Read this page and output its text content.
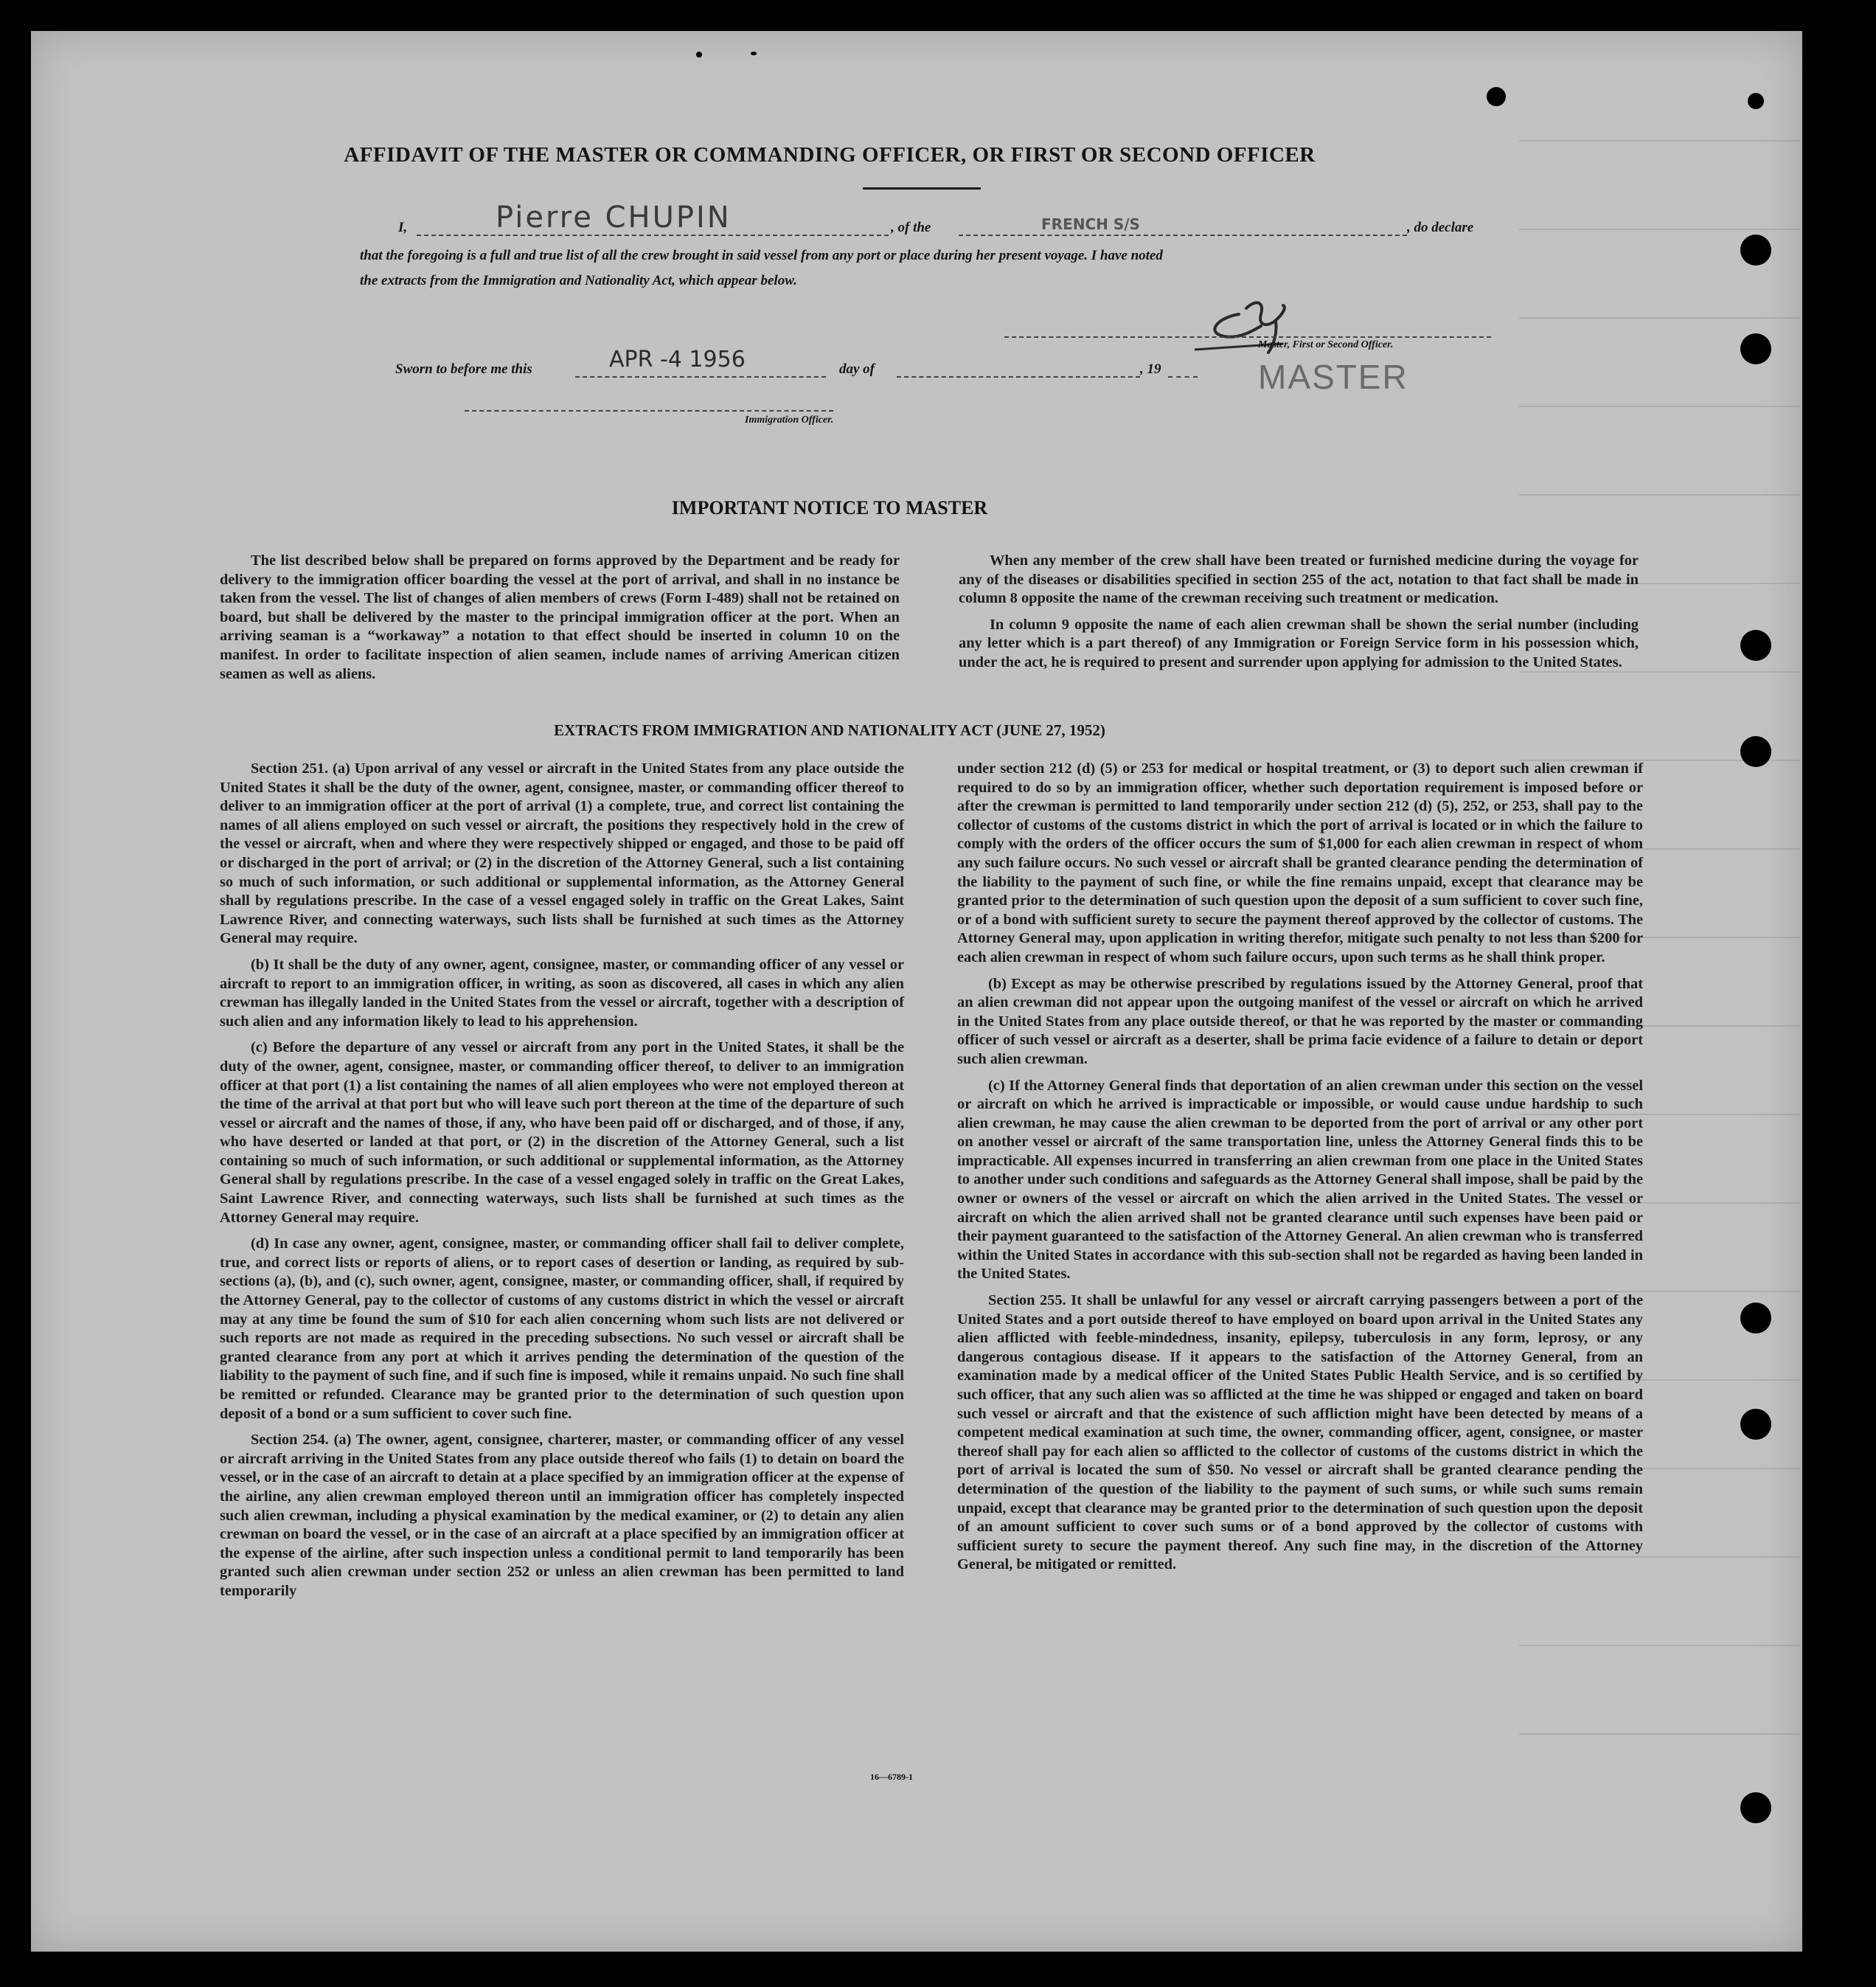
AFFIDAVIT OF THE MASTER OR COMMANDING OFFICER, OR FIRST OR SECOND OFFICER
I,	Pierre CHUPIN	, of the	FRENCH S/S	, do declare
that the foregoing is a full and true list of all the crew brought in said vessel from any port or place during her present voyage. I have noted
the extracts from the Immigration and Nationality Act, which appear below.
Master, First or Second Officer.
Sworn to before me this	APR -4 1956	day of	, 19	MASTER
Immigration Officer.
IMPORTANT NOTICE TO MASTER

The list described below shall be prepared on forms approved by the Department and be ready for delivery to the immigration officer boarding the vessel at the port of arrival, and shall in no instance be taken from the vessel. The list of changes of alien members of crews (Form I-489) shall not be retained on board, but shall be delivered by the master to the principal immigration officer at the port. When an arriving seaman is a “workaway” a notation to that effect should be inserted in column 10 on the manifest. In order to facilitate inspection of alien seamen, include names of arriving American citizen seamen as well as aliens.

When any member of the crew shall have been treated or furnished medicine during the voyage for any of the diseases or disabilities specified in section 255 of the act, notation to that fact shall be made in column 8 opposite the name of the crewman receiving such treatment or medication.

In column 9 opposite the name of each alien crewman shall be shown the serial number (including any letter which is a part thereof) of any Immigration or Foreign Service form in his possession which, under the act, he is required to present and surrender upon applying for admission to the United States.

EXTRACTS FROM IMMIGRATION AND NATIONALITY ACT (JUNE 27, 1952)

Section 251. (a) Upon arrival of any vessel or aircraft in the United States from any place outside the United States it shall be the duty of the owner, agent, consignee, master, or commanding officer thereof to deliver to an immigration officer at the port of arrival (1) a complete, true, and correct list containing the names of all aliens employed on such vessel or aircraft, the positions they respectively hold in the crew of the vessel or aircraft, when and where they were respectively shipped or engaged, and those to be paid off or discharged in the port of arrival; or (2) in the discretion of the Attorney General, such a list containing so much of such information, or such additional or supplemental information, as the Attorney General shall by regulations prescribe. In the case of a vessel engaged solely in traffic on the Great Lakes, Saint Lawrence River, and connecting waterways, such lists shall be furnished at such times as the Attorney General may require.

(b) It shall be the duty of any owner, agent, consignee, master, or commanding officer of any vessel or aircraft to report to an immigration officer, in writing, as soon as discovered, all cases in which any alien crewman has illegally landed in the United States from the vessel or aircraft, together with a description of such alien and any information likely to lead to his apprehension.

(c) Before the departure of any vessel or aircraft from any port in the United States, it shall be the duty of the owner, agent, consignee, master, or commanding officer thereof, to deliver to an immigration officer at that port (1) a list containing the names of all alien employees who were not employed thereon at the time of the arrival at that port but who will leave such port thereon at the time of the departure of such vessel or aircraft and the names of those, if any, who have been paid off or discharged, and of those, if any, who have deserted or landed at that port, or (2) in the discretion of the Attorney General, such a list containing so much of such information, or such additional or supplemental information, as the Attorney General shall by regulations prescribe. In the case of a vessel engaged solely in traffic on the Great Lakes, Saint Lawrence River, and connecting waterways, such lists shall be furnished at such times as the Attorney General may require.

(d) In case any owner, agent, consignee, master, or commanding officer shall fail to deliver complete, true, and correct lists or reports of aliens, or to report cases of desertion or landing, as required by sub-sections (a), (b), and (c), such owner, agent, consignee, master, or commanding officer, shall, if required by the Attorney General, pay to the collector of customs of any customs district in which the vessel or aircraft may at any time be found the sum of $10 for each alien concerning whom such lists are not delivered or such reports are not made as required in the preceding subsections. No such vessel or aircraft shall be granted clearance from any port at which it arrives pending the determination of the question of the liability to the payment of such fine, and if such fine is imposed, while it remains unpaid. No such fine shall be remitted or refunded. Clearance may be granted prior to the determination of such question upon deposit of a bond or a sum sufficient to cover such fine.

Section 254. (a) The owner, agent, consignee, charterer, master, or commanding officer of any vessel or aircraft arriving in the United States from any place outside thereof who fails (1) to detain on board the vessel, or in the case of an aircraft to detain at a place specified by an immigration officer at the expense of the airline, any alien crewman employed thereon until an immigration officer has completely inspected such alien crewman, including a physical examination by the medical examiner, or (2) to detain any alien crewman on board the vessel, or in the case of an aircraft at a place specified by an immigration officer at the expense of the airline, after such inspection unless a conditional permit to land temporarily has been granted such alien crewman under section 252 or unless an alien crewman has been permitted to land temporarily

under section 212 (d) (5) or 253 for medical or hospital treatment, or (3) to deport such alien crewman if required to do so by an immigration officer, whether such deportation requirement is imposed before or after the crewman is permitted to land temporarily under section 212 (d) (5), 252, or 253, shall pay to the collector of customs of the customs district in which the port of arrival is located or in which the failure to comply with the orders of the officer occurs the sum of $1,000 for each alien crewman in respect of whom any such failure occurs. No such vessel or aircraft shall be granted clearance pending the determination of the liability to the payment of such fine, or while the fine remains unpaid, except that clearance may be granted prior to the determination of such question upon the deposit of a sum sufficient to cover such fine, or of a bond with sufficient surety to secure the payment thereof approved by the collector of customs. The Attorney General may, upon application in writing therefor, mitigate such penalty to not less than $200 for each alien crewman in respect of whom such failure occurs, upon such terms as he shall think proper.

(b) Except as may be otherwise prescribed by regulations issued by the Attorney General, proof that an alien crewman did not appear upon the outgoing manifest of the vessel or aircraft on which he arrived in the United States from any place outside thereof, or that he was reported by the master or commanding officer of such vessel or aircraft as a deserter, shall be prima facie evidence of a failure to detain or deport such alien crewman.

(c) If the Attorney General finds that deportation of an alien crewman under this section on the vessel or aircraft on which he arrived is impracticable or impossible, or would cause undue hardship to such alien crewman, he may cause the alien crewman to be deported from the port of arrival or any other port on another vessel or aircraft of the same transportation line, unless the Attorney General finds this to be impracticable. All expenses incurred in transferring an alien crewman from one place in the United States to another under such conditions and safeguards as the Attorney General shall impose, shall be paid by the owner or owners of the vessel or aircraft on which the alien arrived in the United States. The vessel or aircraft on which the alien arrived shall not be granted clearance until such expenses have been paid or their payment guaranteed to the satisfaction of the Attorney General. An alien crewman who is transferred within the United States in accordance with this sub-section shall not be regarded as having been landed in the United States.

Section 255. It shall be unlawful for any vessel or aircraft carrying passengers between a port of the United States and a port outside thereof to have employed on board upon arrival in the United States any alien afflicted with feeble-mindedness, insanity, epilepsy, tuberculosis in any form, leprosy, or any dangerous contagious disease. If it appears to the satisfaction of the Attorney General, from an examination made by a medical officer of the United States Public Health Service, and is so certified by such officer, that any such alien was so afflicted at the time he was shipped or engaged and taken on board such vessel or aircraft and that the existence of such affliction might have been detected by means of a competent medical examination at such time, the owner, commanding officer, agent, consignee, or master thereof shall pay for each alien so afflicted to the collector of customs of the customs district in which the port of arrival is located the sum of $50. No vessel or aircraft shall be granted clearance pending the determination of the question of the liability to the payment of such sums, or while such sums remain unpaid, except that clearance may be granted prior to the determination of such question upon the deposit of an amount sufficient to cover such sums or of a bond approved by the collector of customs with sufficient surety to secure the payment thereof. Any such fine may, in the discretion of the Attorney General, be mitigated or remitted.

16—6789-1
